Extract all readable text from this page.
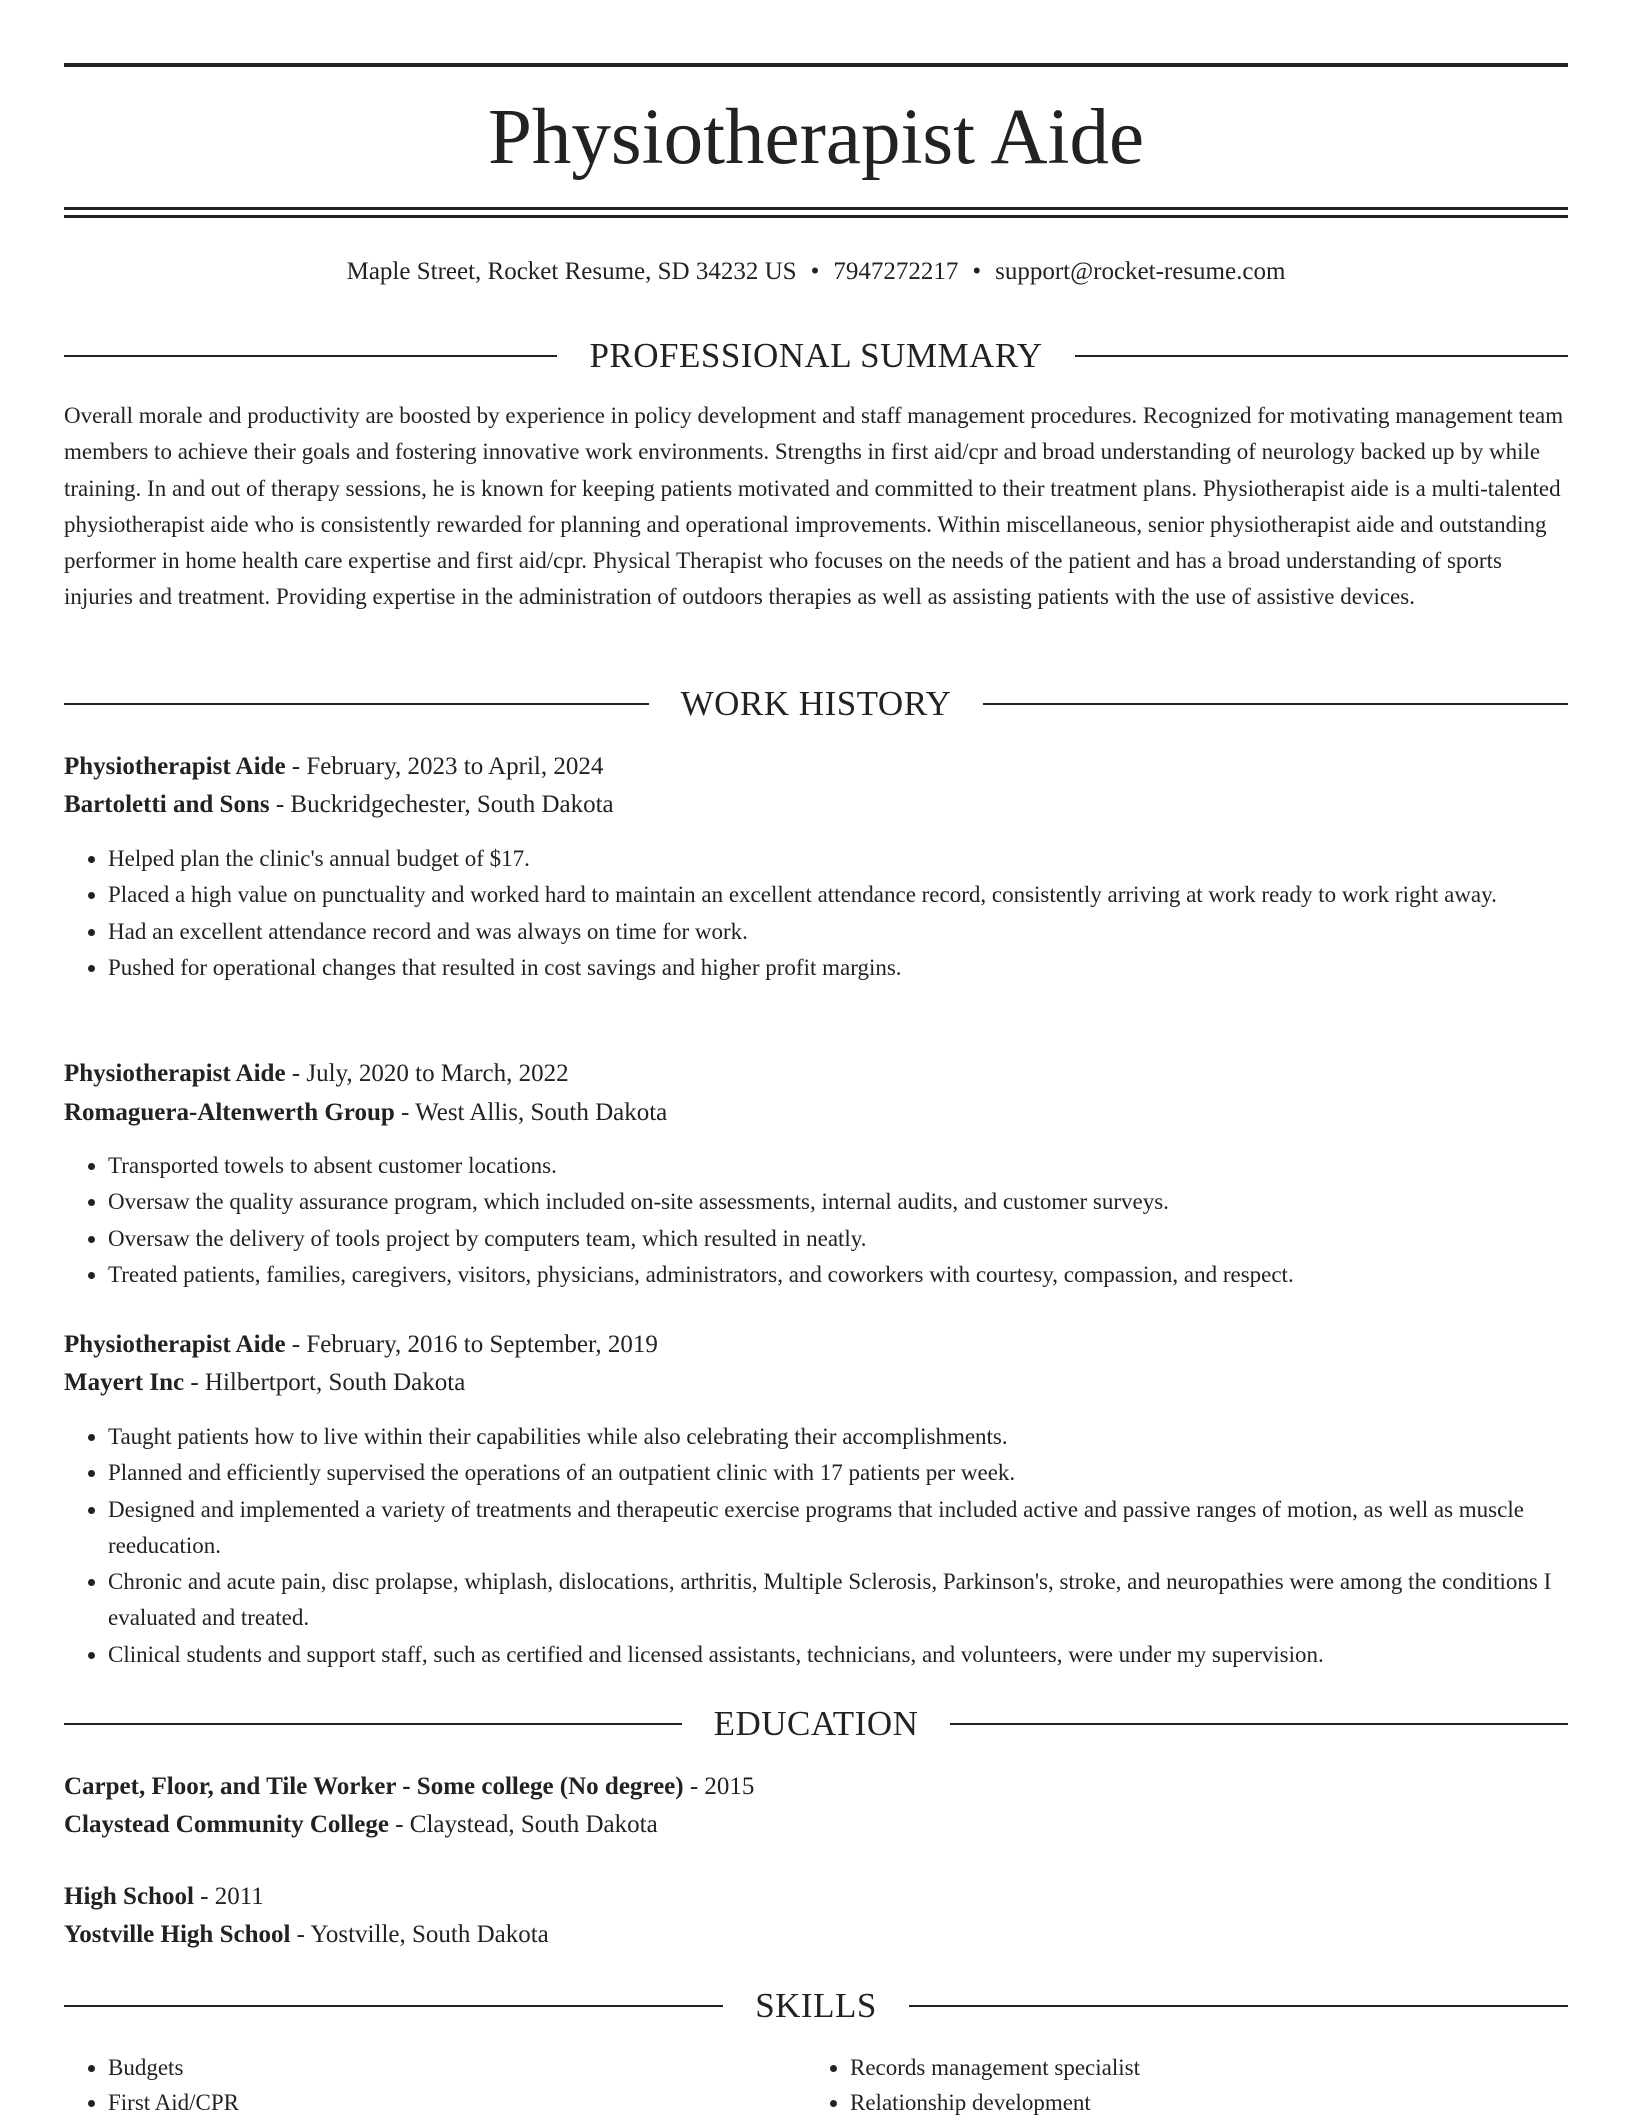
Physiotherapist Aide
Maple Street, Rocket Resume, SD 34232 US • 7947272217 • support@rocket-resume.com
PROFESSIONAL SUMMARY

Overall morale and productivity are boosted by experience in policy development and staff management procedures. Recognized for motivating management team members to achieve their goals and fostering innovative work environments. Strengths in first aid/cpr and broad understanding of neurology backed up by while training. In and out of therapy sessions, he is known for keeping patients motivated and committed to their treatment plans. Physiotherapist aide is a multi-talented physiotherapist aide who is consistently rewarded for planning and operational improvements. Within miscellaneous, senior physiotherapist aide and outstanding performer in home health care expertise and first aid/cpr. Physical Therapist who focuses on the needs of the patient and has a broad understanding of sports injuries and treatment. Providing expertise in the administration of outdoors therapies as well as assisting patients with the use of assistive devices.

WORK HISTORY
Physiotherapist Aide - February, 2023 to April, 2024
Bartoletti and Sons - Buckridgechester, South Dakota
• Helped plan the clinic's annual budget of $17.
• Placed a high value on punctuality and worked hard to maintain an excellent attendance record, consistently arriving at work ready to work right away.
• Had an excellent attendance record and was always on time for work.
• Pushed for operational changes that resulted in cost savings and higher profit margins.
Physiotherapist Aide - July, 2020 to March, 2022
Romaguera-Altenwerth Group - West Allis, South Dakota
• Transported towels to absent customer locations.
• Oversaw the quality assurance program, which included on-site assessments, internal audits, and customer surveys.
• Oversaw the delivery of tools project by computers team, which resulted in neatly.
• Treated patients, families, caregivers, visitors, physicians, administrators, and coworkers with courtesy, compassion, and respect.
Physiotherapist Aide - February, 2016 to September, 2019
Mayert Inc - Hilbertport, South Dakota
• Taught patients how to live within their capabilities while also celebrating their accomplishments.
• Planned and efficiently supervised the operations of an outpatient clinic with 17 patients per week.
• Designed and implemented a variety of treatments and therapeutic exercise programs that included active and passive ranges of motion, as well as muscle reeducation.
• Chronic and acute pain, disc prolapse, whiplash, dislocations, arthritis, Multiple Sclerosis, Parkinson's, stroke, and neuropathies were among the conditions I evaluated and treated.
• Clinical students and support staff, such as certified and licensed assistants, technicians, and volunteers, were under my supervision.
EDUCATION
Carpet, Floor, and Tile Worker - Some college (No degree) - 2015
Claystead Community College - Claystead, South Dakota
High School - 2011
Yostville High School - Yostville, South Dakota
SKILLS
• Budgets
• First Aid/CPR
• Records management specialist
• Relationship development
